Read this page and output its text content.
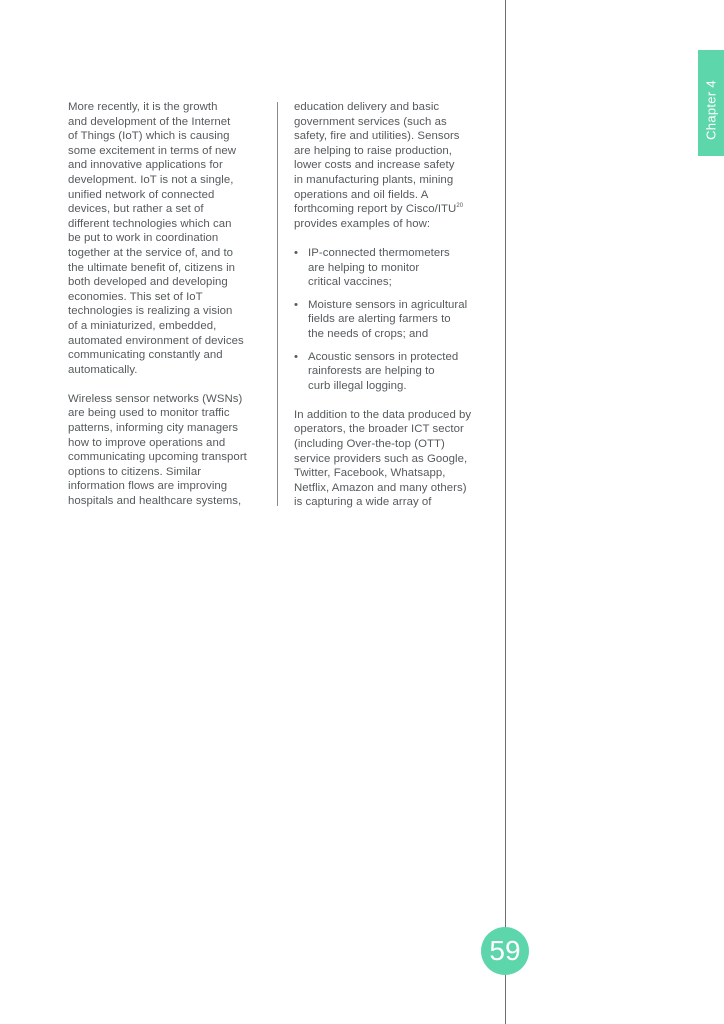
Chapter 4

More recently, it is the growth
and development of the Internet
of Things (IoT) which is causing
some excitement in terms of new
and innovative applications for
development. IoT is not a single,
unified network of connected
devices, but rather a set of
different technologies which can
be put to work in coordination
together at the service of, and to
the ultimate benefit of, citizens in
both developed and developing
economies. This set of IoT
technologies is realizing a vision
of a miniaturized, embedded,
automated environment of devices
communicating constantly and
automatically.

Wireless sensor networks (WSNs)
are being used to monitor traffic
patterns, informing city managers
how to improve operations and
communicating upcoming transport
options to citizens. Similar
information flows are improving
hospitals and healthcare systems,

education delivery and basic
government services (such as
safety, fire and utilities). Sensors
are helping to raise production,
lower costs and increase safety
in manufacturing plants, mining
operations and oil fields. A
forthcoming report by Cisco/ITU$^{20}$
provides examples of how:

• IP-connected thermometers
are helping to monitor
critical vaccines;
• Moisture sensors in agricultural
fields are alerting farmers to
the needs of crops; and
• Acoustic sensors in protected
rainforests are helping to
curb illegal logging.

In addition to the data produced by
operators, the broader ICT sector
(including Over-the-top (OTT)
service providers such as Google,
Twitter, Facebook, Whatsapp,
Netflix, Amazon and many others)
is capturing a wide array of

59
